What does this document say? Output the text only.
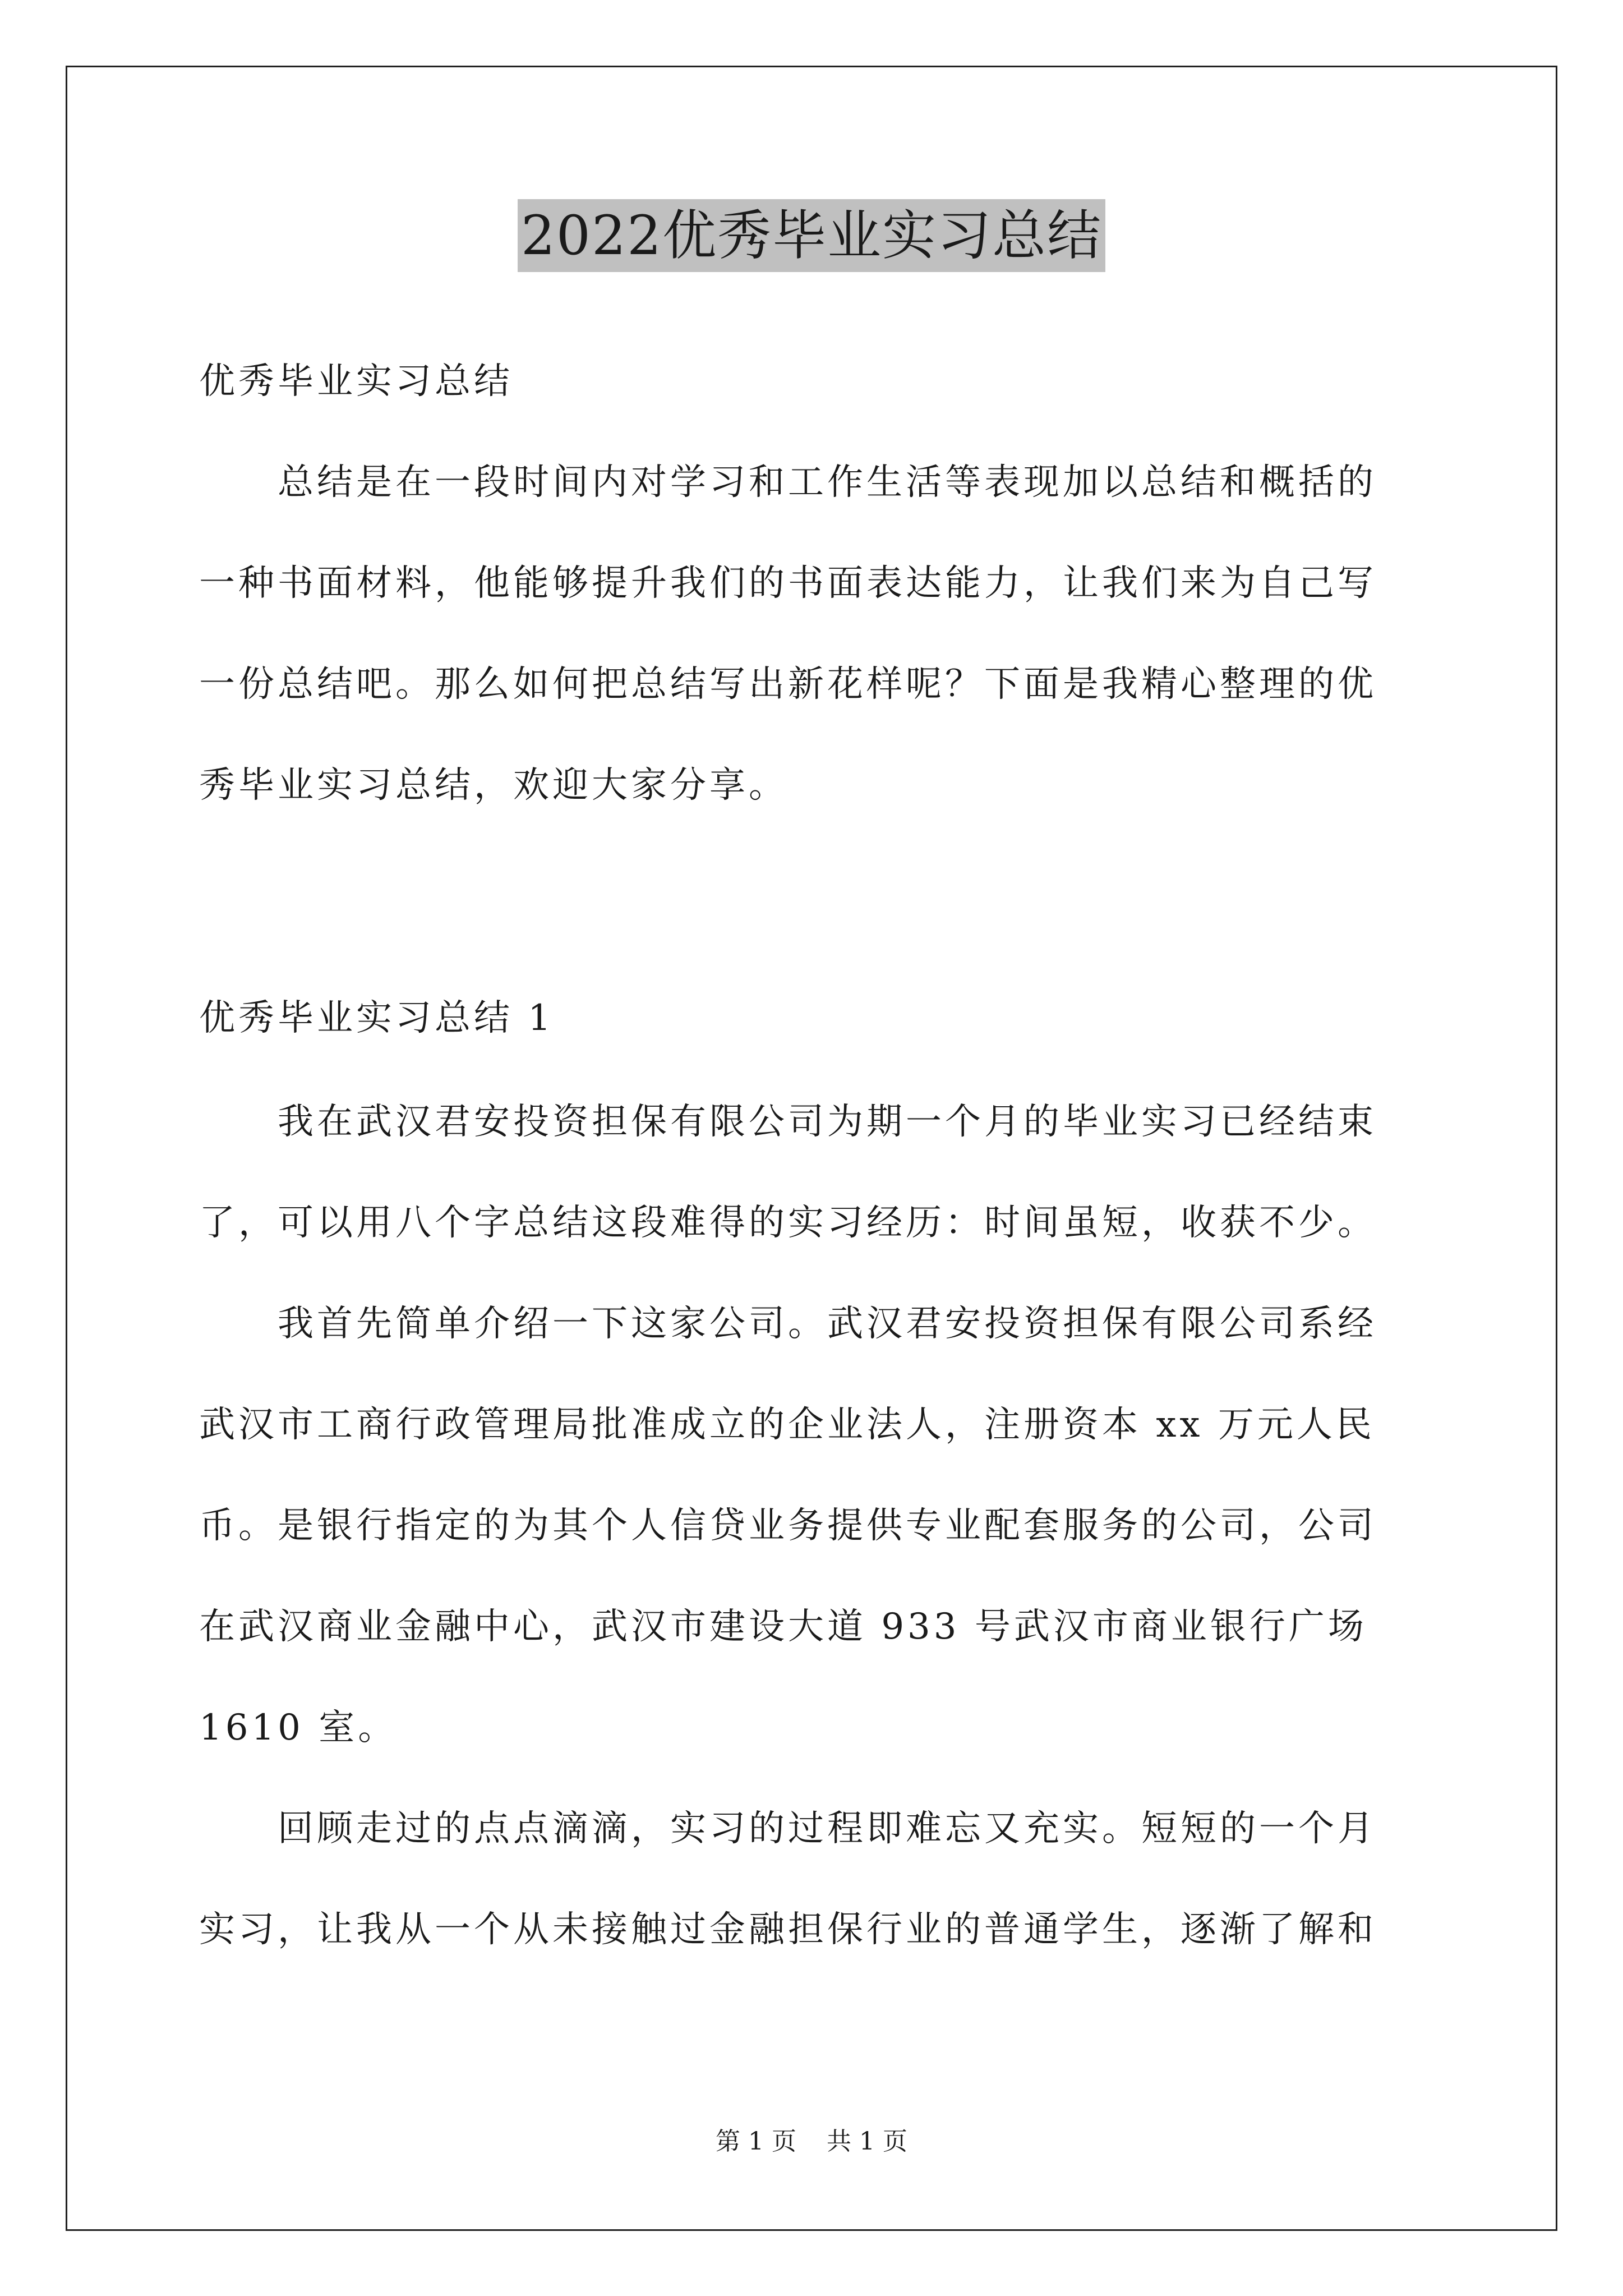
2022优秀毕业实习总结
优秀毕业实习总结
　　总结是在一段时间内对学习和工作生活等表现加以总结和概括的
一种书面材料，他能够提升我们的书面表达能力，让我们来为自己写
一份总结吧。那么如何把总结写出新花样呢？下面是我精心整理的优
秀毕业实习总结，欢迎大家分享。
优秀毕业实习总结 1
　　我在武汉君安投资担保有限公司为期一个月的毕业实习已经结束
了，可以用八个字总结这段难得的实习经历：时间虽短，收获不少。
　　我首先简单介绍一下这家公司。武汉君安投资担保有限公司系经
武汉市工商行政管理局批准成立的企业法人，注册资本 xx 万元人民
币。是银行指定的为其个人信贷业务提供专业配套服务的公司，公司
在武汉商业金融中心，武汉市建设大道 933 号武汉市商业银行广场
1610 室。
　　回顾走过的点点滴滴，实习的过程即难忘又充实。短短的一个月
实习，让我从一个从未接触过金融担保行业的普通学生，逐渐了解和
第 1 页 共 1 页
